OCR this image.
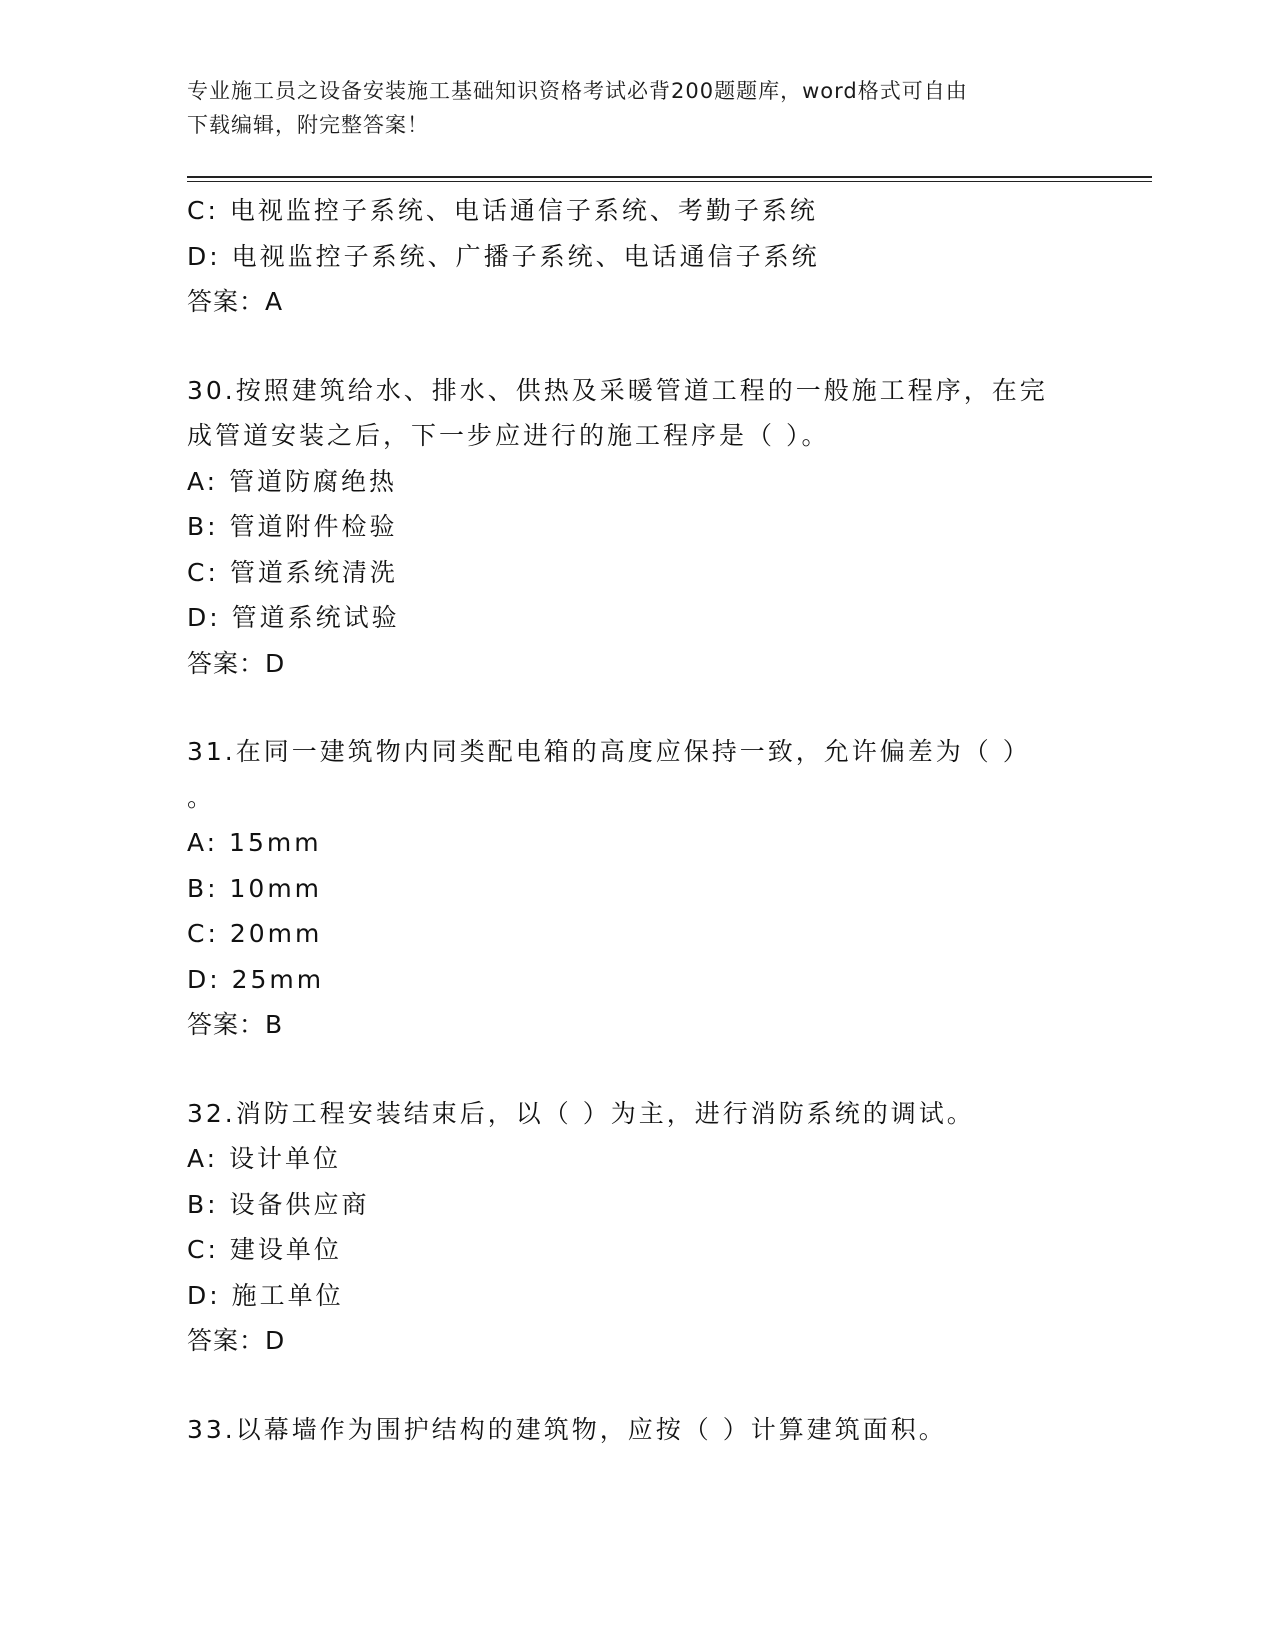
专业施工员之设备安装施工基础知识资格考试必背200题题库，word格式可自由
下载编辑，附完整答案！
C: 电视监控子系统、电话通信子系统、考勤子系统
D: 电视监控子系统、广播子系统、电话通信子系统
答案：A
30.按照建筑给水、排水、供热及采暖管道工程的一般施工程序，在完
成管道安装之后，下一步应进行的施工程序是（ ）。
A: 管道防腐绝热
B: 管道附件检验
C: 管道系统清洗
D: 管道系统试验
答案：D
31.在同一建筑物内同类配电箱的高度应保持一致，允许偏差为（ ）
。
A: 15mm
B: 10mm
C: 20mm
D: 25mm
答案：B
32.消防工程安装结束后，以（ ）为主，进行消防系统的调试。
A: 设计单位
B: 设备供应商
C: 建设单位
D: 施工单位
答案：D
33.以幕墙作为围护结构的建筑物，应按（ ）计算建筑面积。
